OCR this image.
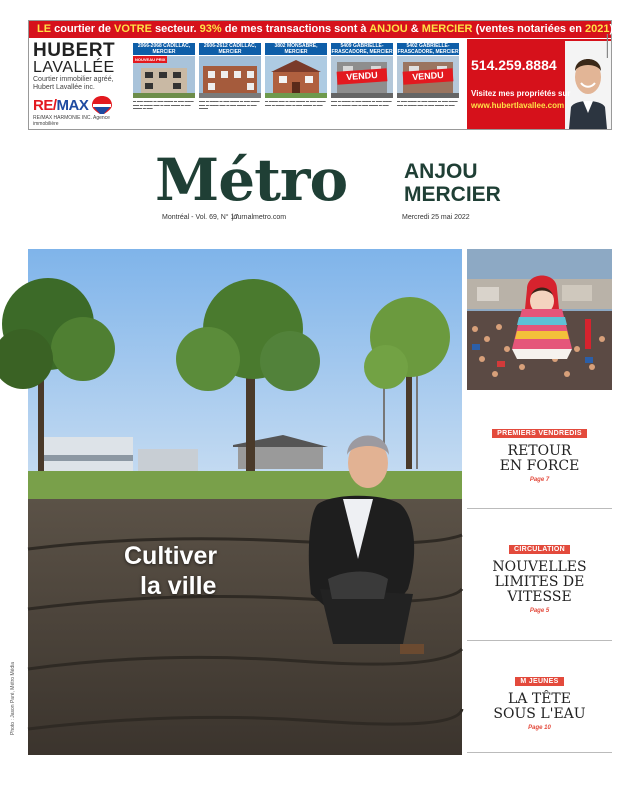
LE courtier de VOTRE secteur. 93% de mes transactions sont à ANJOU & MERCIER (ventes notariées en 2021)
HUBERT
LAVALLÉE
Courtier immobilier agréé,
Hubert Lavallée inc.
RE/MAX
RE/MAX HARMONIE INC. Agence immobilière
2066-2068 CADILLAC, MERCIER
NOUVEAU PRIX
▬ ▬▬ ▬▬▬ ▬ ▬▬ ▬▬▬ ▬ ▬▬ ▬▬▬ ▬▬ ▬ ▬▬▬ ▬▬ ▬ ▬▬ ▬▬▬ ▬ ▬▬ ▬▬▬ ▬ ▬▬
2606-2612 CADILLAC, MERCIER
▬▬ ▬ ▬▬▬ ▬ ▬▬ ▬▬▬ ▬ ▬▬ ▬▬▬ ▬▬ ▬ ▬▬▬ ▬▬ ▬ ▬▬ ▬▬▬ ▬ ▬▬ ▬▬▬
3802 MONSABRÉ, MERCIER
▬ ▬▬▬ ▬▬ ▬ ▬▬ ▬▬▬ ▬ ▬▬ ▬▬▬ ▬▬ ▬ ▬▬▬ ▬▬ ▬ ▬▬ ▬▬▬ ▬ ▬▬
5409 GABRIELLE-FRASCADORE, MERCIER
VENDU
▬▬ ▬ ▬▬▬ ▬ ▬▬ ▬▬▬ ▬ ▬▬ ▬▬▬ ▬▬ ▬ ▬▬▬ ▬▬ ▬ ▬▬ ▬▬▬ ▬ ▬▬
5402 GABRIELLE-FRASCADORE, MERCIER
VENDU
▬ ▬▬ ▬▬▬ ▬ ▬▬ ▬▬▬ ▬ ▬▬ ▬▬▬ ▬▬ ▬ ▬▬▬ ▬▬ ▬ ▬▬ ▬▬▬ ▬ ▬▬
514.259.8884
Visitez mes propriétés sur
www.hubertlavallee.com
▬▬▬▬▬▬
Métro	ANJOU
MERCIER
Montréal - Vol. 69, N° 17
journalmetro.com	Mercredi 25 mai 2022
Cultiver
la ville
Photo : Jason Paré, Métro Média
PREMIERS VENDREDIS
RETOUR
EN FORCE
Page 7
CIRCULATION
NOUVELLES
LIMITES DE
VITESSE
Page 5
M JEUNES
LA TÊTE
SOUS L'EAU
Page 10
